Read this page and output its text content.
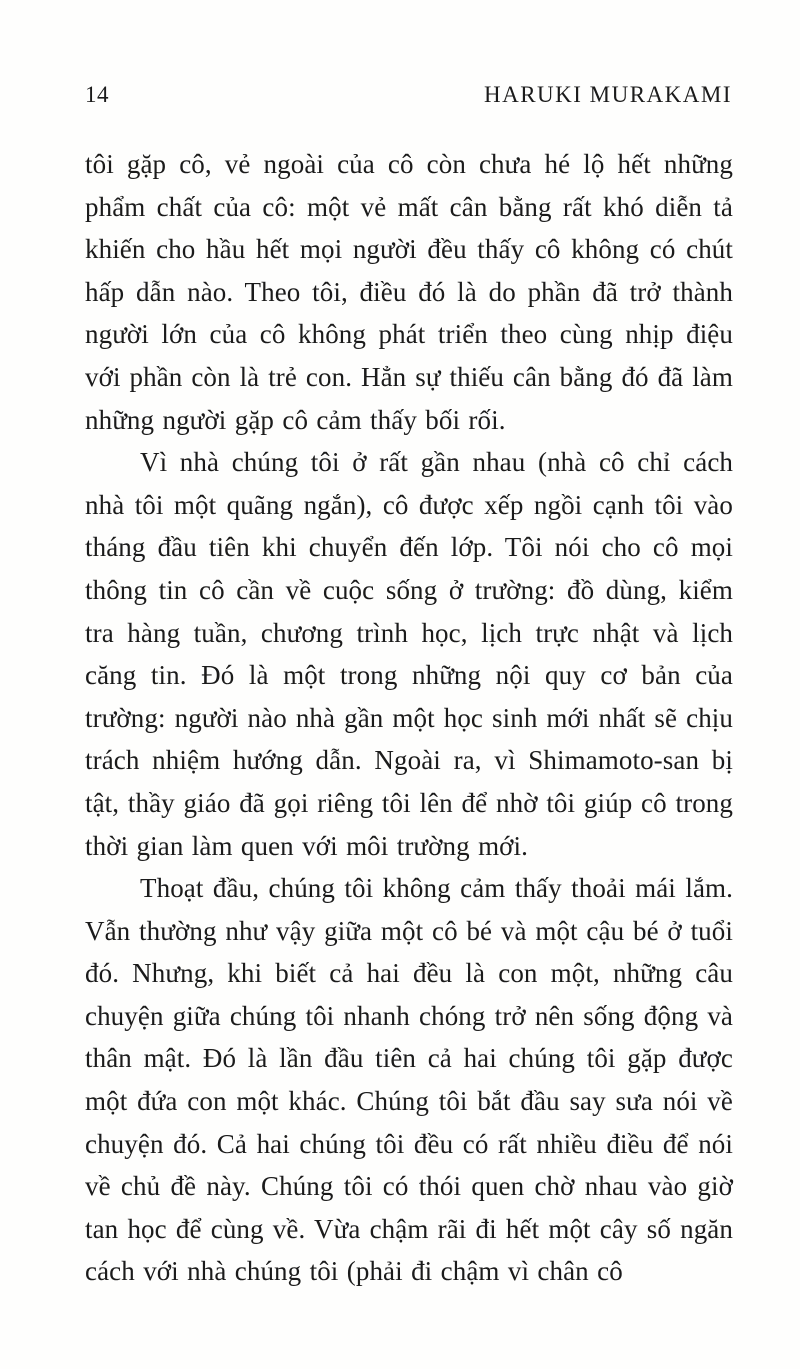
14	HARUKI MURAKAMI

tôi gặp cô, vẻ ngoài của cô còn chưa hé lộ hết những phẩm chất của cô: một vẻ mất cân bằng rất khó diễn tả khiến cho hầu hết mọi người đều thấy cô không có chút hấp dẫn nào. Theo tôi, điều đó là do phần đã trở thành người lớn của cô không phát triển theo cùng nhịp điệu với phần còn là trẻ con. Hẳn sự thiếu cân bằng đó đã làm những người gặp cô cảm thấy bối rối.

Vì nhà chúng tôi ở rất gần nhau (nhà cô chỉ cách nhà tôi một quãng ngắn), cô được xếp ngồi cạnh tôi vào tháng đầu tiên khi chuyển đến lớp. Tôi nói cho cô mọi thông tin cô cần về cuộc sống ở trường: đồ dùng, kiểm tra hàng tuần, chương trình học, lịch trực nhật và lịch căng tin. Đó là một trong những nội quy cơ bản của trường: người nào nhà gần một học sinh mới nhất sẽ chịu trách nhiệm hướng dẫn. Ngoài ra, vì Shimamoto-san bị tật, thầy giáo đã gọi riêng tôi lên để nhờ tôi giúp cô trong thời gian làm quen với môi trường mới.

Thoạt đầu, chúng tôi không cảm thấy thoải mái lắm. Vẫn thường như vậy giữa một cô bé và một cậu bé ở tuổi đó. Nhưng, khi biết cả hai đều là con một, những câu chuyện giữa chúng tôi nhanh chóng trở nên sống động và thân mật. Đó là lần đầu tiên cả hai chúng tôi gặp được một đứa con một khác. Chúng tôi bắt đầu say sưa nói về chuyện đó. Cả hai chúng tôi đều có rất nhiều điều để nói về chủ đề này. Chúng tôi có thói quen chờ nhau vào giờ tan học để cùng về. Vừa chậm rãi đi hết một cây số ngăn cách với nhà chúng tôi (phải đi chậm vì chân cô
